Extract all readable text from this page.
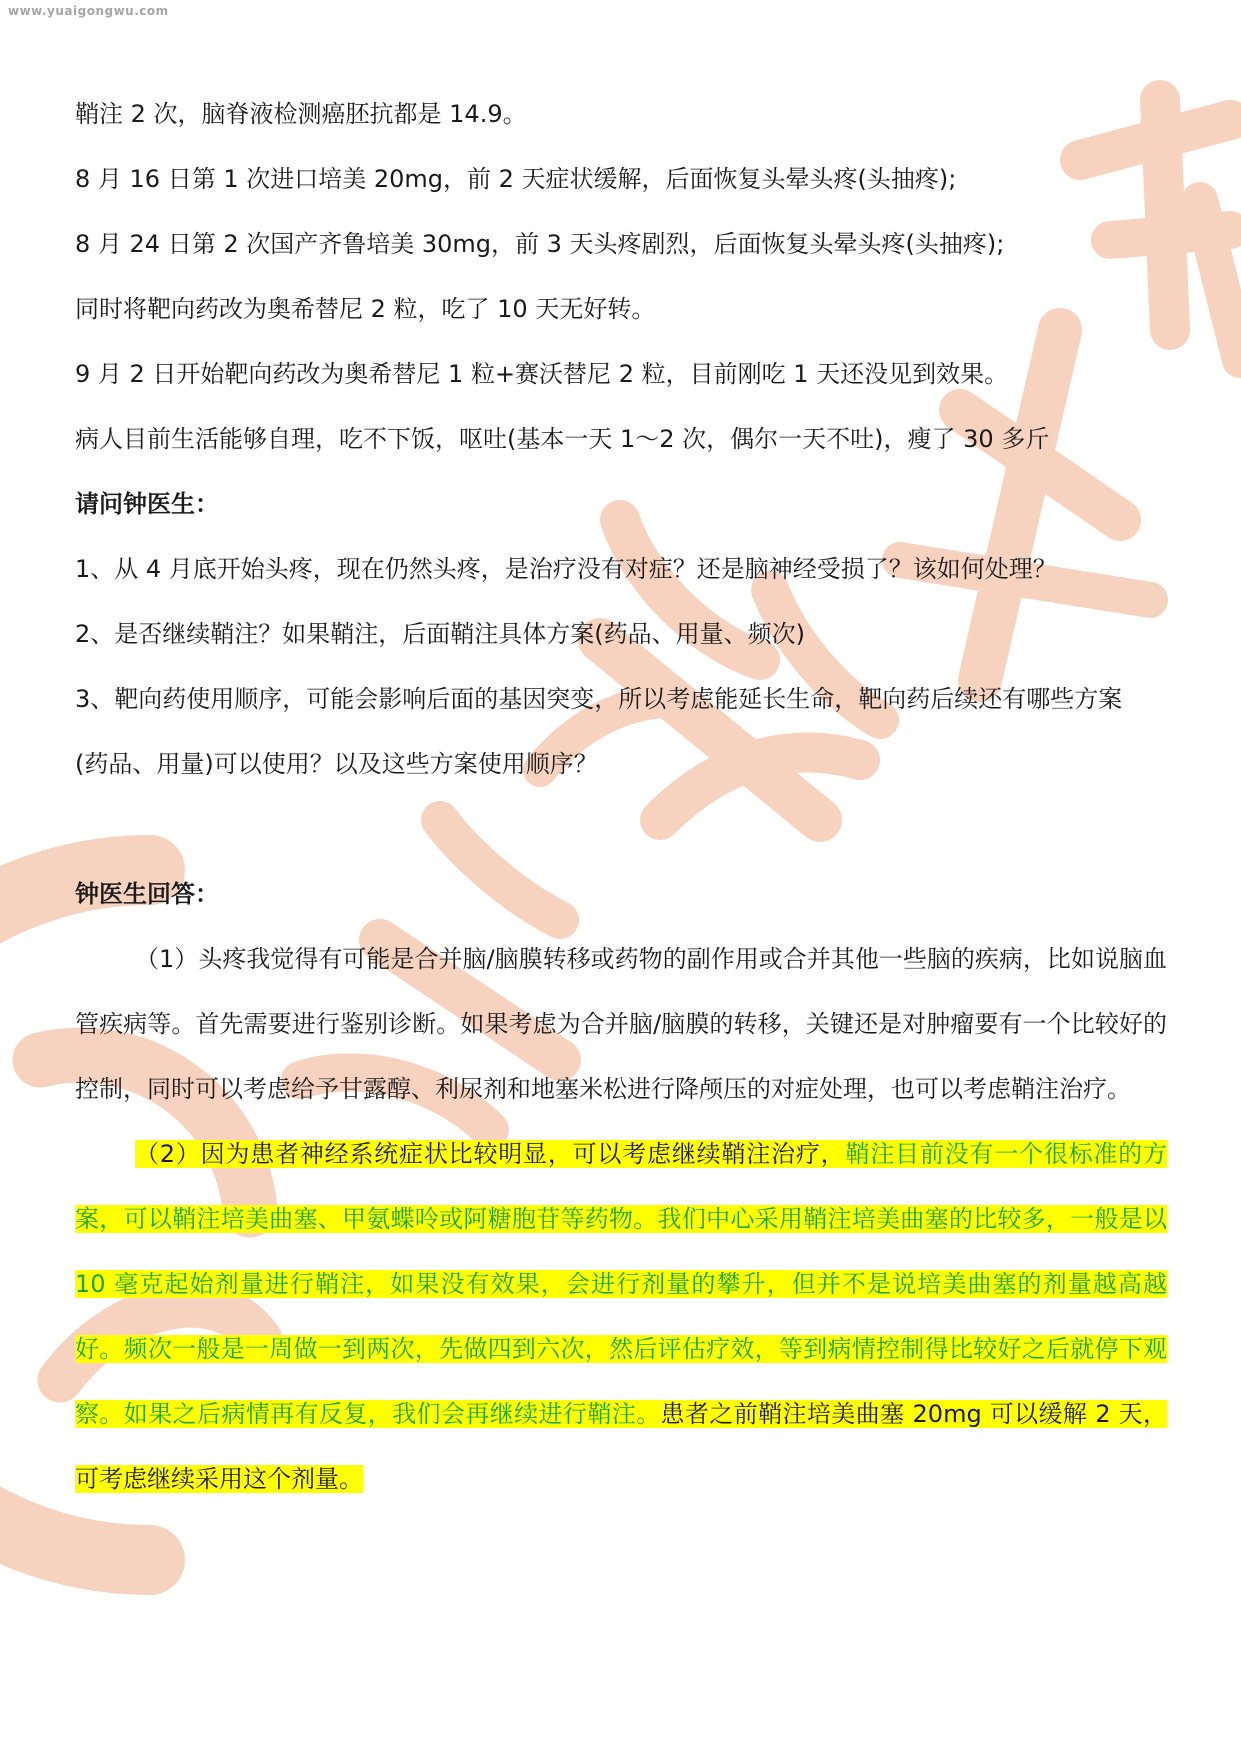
www.yuaigongwu.com
鞘注 2 次，脑脊液检测癌胚抗都是 14.9。
8 月 16 日第 1 次进口培美 20mg，前 2 天症状缓解，后面恢复头晕头疼(头抽疼);
8 月 24 日第 2 次国产齐鲁培美 30mg，前 3 天头疼剧烈，后面恢复头晕头疼(头抽疼);
同时将靶向药改为奥希替尼 2 粒，吃了 10 天无好转。
9 月 2 日开始靶向药改为奥希替尼 1 粒+赛沃替尼 2 粒，目前刚吃 1 天还没见到效果。
病人目前生活能够自理，吃不下饭，呕吐(基本一天 1～2 次，偶尔一天不吐)，瘦了 30 多斤
请问钟医生：
1、从 4 月底开始头疼，现在仍然头疼，是治疗没有对症？还是脑神经受损了？该如何处理？
2、是否继续鞘注？如果鞘注，后面鞘注具体方案(药品、用量、频次)
3、靶向药使用顺序，可能会影响后面的基因突变，所以考虑能延长生命，靶向药后续还有哪些方案
(药品、用量)可以使用？以及这些方案使用顺序？
钟医生回答：
（1）头疼我觉得有可能是合并脑/脑膜转移或药物的副作用或合并其他一些脑的疾病，比如说脑血管疾病等。首先需要进行鉴别诊断。如果考虑为合并脑/脑膜的转移，关键还是对肿瘤要有一个比较好的控制，同时可以考虑给予甘露醇、利尿剂和地塞米松进行降颅压的对症处理，也可以考虑鞘注治疗。
（2）因为患者神经系统症状比较明显，可以考虑继续鞘注治疗，鞘注目前没有一个很标准的方案，可以鞘注培美曲塞、甲氨蝶呤或阿糖胞苷等药物。我们中心采用鞘注培美曲塞的比较多，一般是以 10 毫克起始剂量进行鞘注，如果没有效果，会进行剂量的攀升，但并不是说培美曲塞的剂量越高越好。频次一般是一周做一到两次，先做四到六次，然后评估疗效，等到病情控制得比较好之后就停下观察。如果之后病情再有反复，我们会再继续进行鞘注。患者之前鞘注培美曲塞 20mg 可以缓解 2 天，可考虑继续采用这个剂量。
